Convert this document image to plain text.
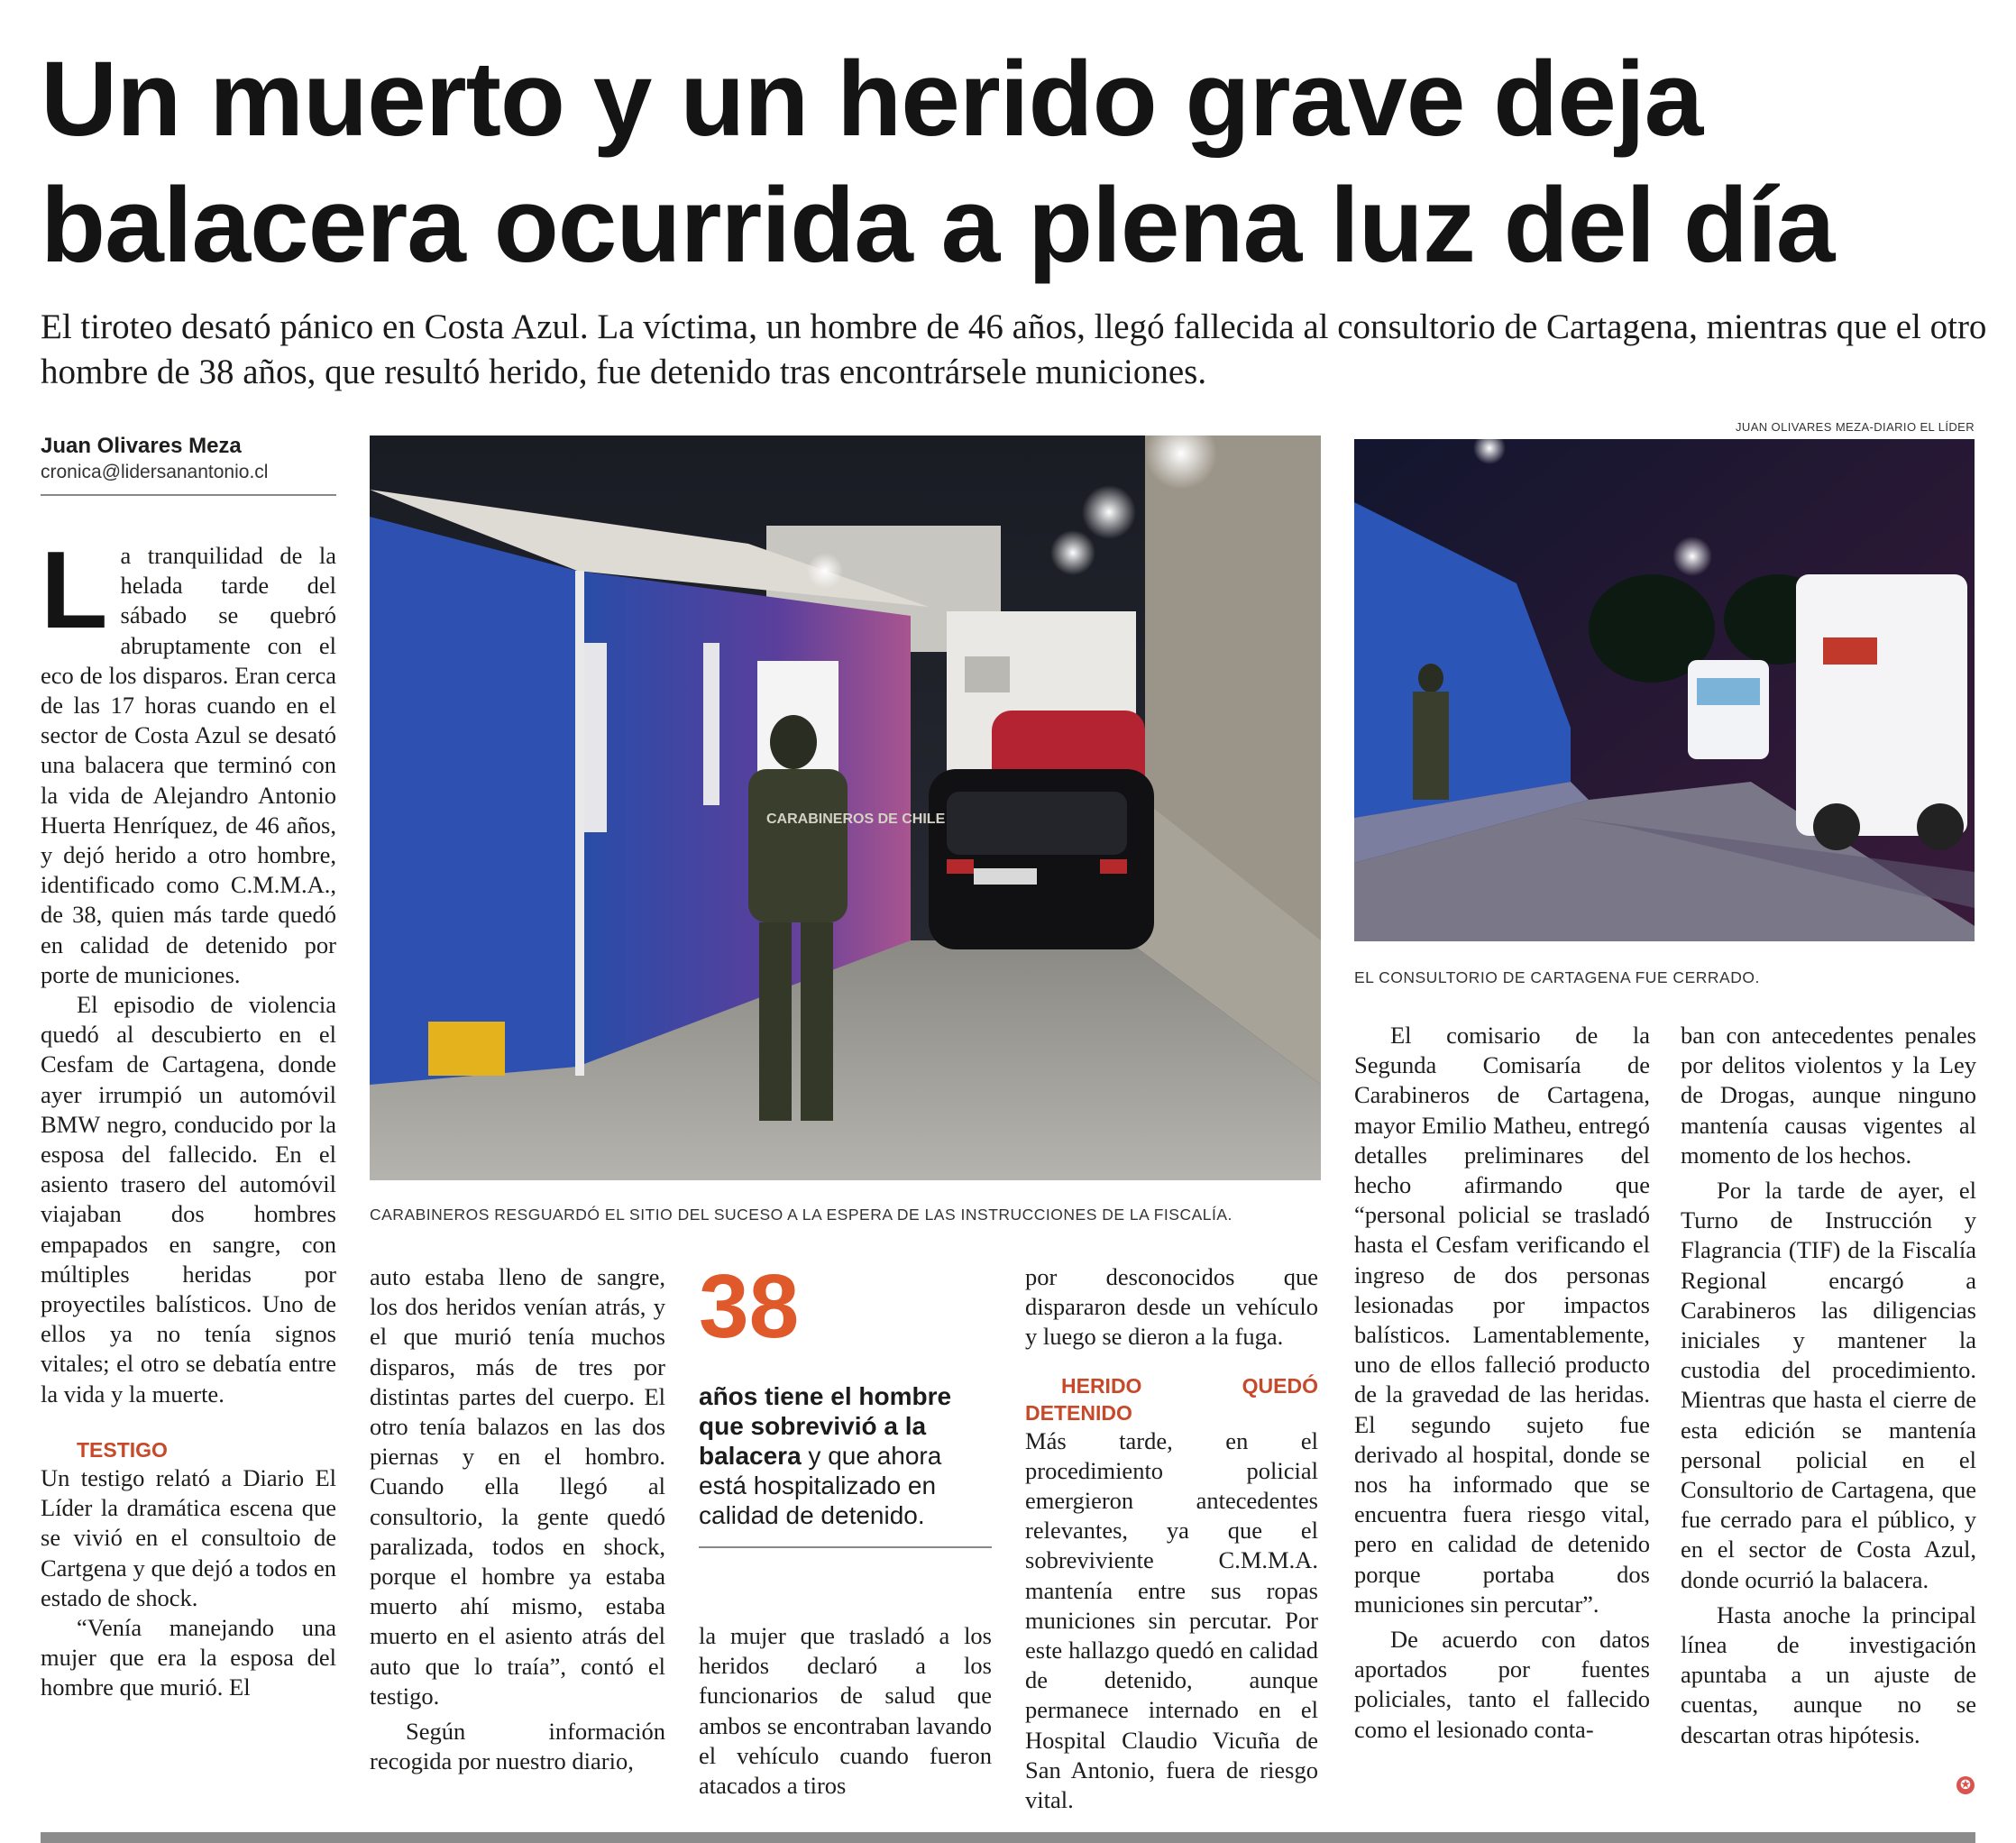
Un muerto y un herido grave deja
balacera ocurrida a plena luz del día

El tiroteo desató pánico en Costa Azul. La víctima, un hombre de 46 años, llegó fallecida al consultorio de Cartagena, mientras que el otro hombre de 38 años, que resultó herido, fue detenido tras encontrársele municiones.

Juan Olivares Meza
cronica@lidersanantonio.cl
CARABINEROS DE CHILE
CARABINEROS RESGUARDÓ EL SITIO DEL SUCESO A LA ESPERA DE LAS INSTRUCCIONES DE LA FISCALÍA.
JUAN OLIVARES MEZA-DIARIO EL LÍDER
EL CONSULTORIO DE CARTAGENA FUE CERRADO.

La tranquilidad de la helada tarde del sábado se quebró abruptamente con el eco de los disparos. Eran cerca de las 17 horas cuando en el sector de Costa Azul se desató una balacera que terminó con la vida de Alejandro Antonio Huerta Henríquez, de 46 años, y dejó herido a otro hombre, identificado como C.M.M.A., de 38, quien más tarde quedó en calidad de detenido por porte de municiones.

El episodio de violencia quedó al descubierto en el Cesfam de Cartagena, donde ayer irrumpió un automóvil BMW negro, conducido por la esposa del fallecido. En el asiento trasero del automóvil viajaban dos hombres empapados en sangre, con múltiples heridas por proyectiles balísticos. Uno de ellos ya no tenía signos vitales; el otro se debatía entre la vida y la muerte.

TESTIGO

Un testigo relató a Diario El Líder la dramática escena que se vivió en el consultoio de Cartgena y que dejó a todos en estado de shock.

“Venía manejando una mujer que era la esposa del hombre que murió. El

auto estaba lleno de sangre, los dos heridos venían atrás, y el que murió tenía muchos disparos, más de tres por distintas partes del cuerpo. El otro tenía balazos en las dos piernas y en el hombro. Cuando ella llegó al consultorio, la gente quedó paralizada, todos en shock, porque el hombre ya estaba muerto ahí mismo, estaba muerto en el asiento atrás del auto que lo traía”, contó el testigo.

Según información recogida por nuestro diario,

38
años tiene el hombre que sobrevivió a la balacera y que ahora está hospitalizado en calidad de detenido.

la mujer que trasladó a los heridos declaró a los funcionarios de salud que ambos se encontraban lavando el vehículo cuando fueron atacados a tiros

por desconocidos que dispararon desde un vehículo y luego se dieron a la fuga.

HERIDO QUEDÓ DETENIDO

Más tarde, en el procedimiento policial emergieron antecedentes relevantes, ya que el sobreviviente C.M.M.A. mantenía entre sus ropas municiones sin percutar. Por este hallazgo quedó en calidad de detenido, aunque permanece internado en el Hospital Claudio Vicuña de San Antonio, fuera de riesgo vital.

El comisario de la Segunda Comisaría de Carabineros de Cartagena, mayor Emilio Matheu, entregó detalles preliminares del hecho afirmando que “personal policial se trasladó hasta el Cesfam verificando el ingreso de dos personas lesionadas por impactos balísticos. Lamentablemente, uno de ellos falleció producto de la gravedad de las heridas. El segundo sujeto fue derivado al hospital, donde se nos ha informado que se encuentra fuera riesgo vital, pero en calidad de detenido porque portaba dos municiones sin percutar”.

De acuerdo con datos aportados por fuentes policiales, tanto el fallecido como el lesionado conta-

ban con antecedentes penales por delitos violentos y la Ley de Drogas, aunque ninguno mantenía causas vigentes al momento de los hechos.

Por la tarde de ayer, el Turno de Instrucción y Flagrancia (TIF) de la Fiscalía Regional encargó a Carabineros las diligencias iniciales y mantener la custodia del procedimiento. Mientras que hasta el cierre de esta edición se mantenía personal policial en el Consultorio de Cartagena, que fue cerrado para el público, y en el sector de Costa Azul, donde ocurrió la balacera.

Hasta anoche la principal línea de investigación apuntaba a un ajuste de cuentas, aunque no se descartan otras hipótesis.

✪
